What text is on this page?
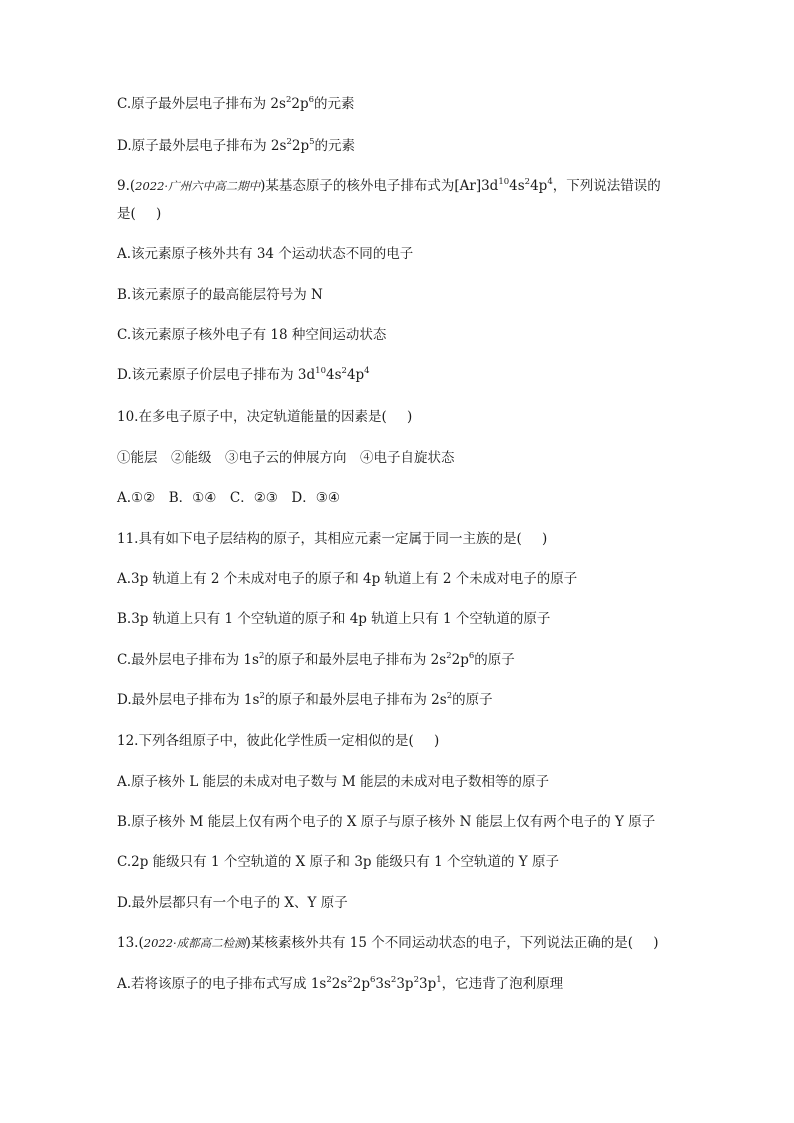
C.原子最外层电子排布为 $2s^22p^6$的元素
D.原子最外层电子排布为 $2s^22p^5$的元素
9.(2022·广州六中高二期中)某基态原子的核外电子排布式为$[Ar]3d^{10}4s^24p^4$，下列说法错误的
是(　 )
A.该元素原子核外共有 34 个运动状态不同的电子
B.该元素原子的最高能层符号为 N
C.该元素原子核外电子有 18 种空间运动状态
D.该元素原子价层电子排布为 $3d^{10}4s^24p^4$
10.在多电子原子中，决定轨道能量的因素是(　 )
①能层　②能级　③电子云的伸展方向　④电子自旋状态
A.①② B．①④ C．②③ D．③④
11.具有如下电子层结构的原子，其相应元素一定属于同一主族的是(　 )
A.3p 轨道上有 2 个未成对电子的原子和 4p 轨道上有 2 个未成对电子的原子
B.3p 轨道上只有 1 个空轨道的原子和 4p 轨道上只有 1 个空轨道的原子
C.最外层电子排布为 $1s^2$的原子和最外层电子排布为 $2s^22p^6$的原子
D.最外层电子排布为 $1s^2$的原子和最外层电子排布为 $2s^2$的原子
12.下列各组原子中，彼此化学性质一定相似的是(　 )
A.原子核外 L 能层的未成对电子数与 M 能层的未成对电子数相等的原子
B.原子核外 M 能层上仅有两个电子的 X 原子与原子核外 N 能层上仅有两个电子的 Y 原子
C.2p 能级只有 1 个空轨道的 X 原子和 3p 能级只有 1 个空轨道的 Y 原子
D.最外层都只有一个电子的 X、Y 原子
13.(2022·成都高二检测)某核素核外共有 15 个不同运动状态的电子，下列说法正确的是(　 )
A.若将该原子的电子排布式写成 $1s^22s^22p^63s^23p^23p^1$，它违背了泡利原理
